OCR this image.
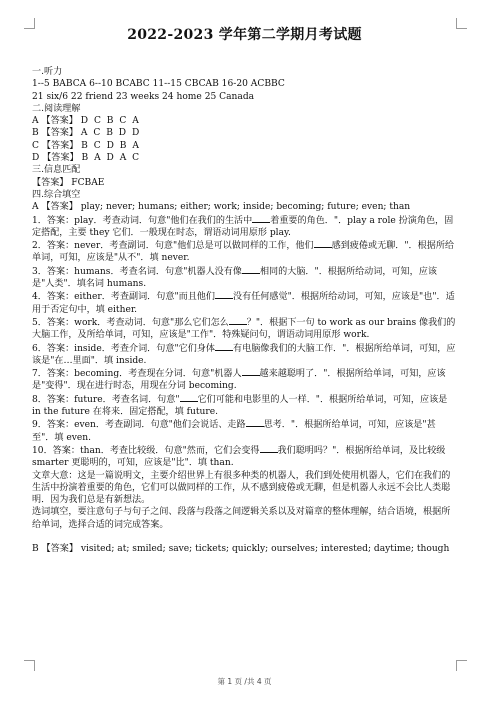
2022-2023 学年第二学期月考试题

一.听力

1--5 BABCA 6--10 BCABC 11--15 CBCAB 16-20 ACBBC

21 six/6 22 friend 23 weeks 24 home 25 Canada

二.阅读理解

A 【答案】 D C B C A

B 【答案】 A C B D D

C 【答案】 B C D B A

D 【答案】 B A D A C

三.信息匹配

【答案】 FCBAE

四.综合填空

A 【答案】 play; never; humans; either; work; inside; becoming; future; even; than

1．答案：play．考查动词．句意"他们在我们的生活中 着重要的角色．"．play a role 扮演角色，固定搭配，主要 they 它们．一般现在时态，谓语动词用原形 play.

2．答案：never．考查副词．句意"他们总是可以做同样的工作，他们 感到疲倦或无聊．"．根据所给单词，可知，应该是"从不"．填 never.

3．答案：humans．考查名词．句意"机器人没有像 相同的大脑．"．根据所给动词，可知，应该是"人类"．填名词 humans.

4．答案：either．考查副词．句意"而且他们 没有任何感觉"．根据所给动词，可知，应该是"也"．适用于否定句中，填 either.

5．答案：work．考查动词．句意"那么它们怎么 ？"．根据下一句 to work as our brains 像我们的大脑工作，及所给单词，可知，应该是"工作"．特殊疑问句，谓语动词用原形 work.

6．答案：inside．考查介词．句意"它们身体 有电脑像我们的大脑工作．"．根据所给单词，可知，应该是"在…里面"．填 inside.

7．答案：becoming．考查现在分词．句意"机器人 越来越聪明了．"．根据所给单词，可知，应该是"变得"．现在进行时态，用现在分词 becoming.

8．答案：future．考查名词．句意" 它们可能和电影里的人一样．"．根据所给单词，可知，应该是 in the future 在将来．固定搭配，填 future.

9．答案：even．考查副词．句意"他们会说话、走路 思考．"．根据所给单词，可知，应该是"甚至"．填 even.

10．答案：than．考查比较级．句意"然而，它们会变得 我们聪明吗？"．根据所给单词，及比较级 smarter 更聪明的，可知，应该是"比"．填 than.

文章大意：这是一篇说明文，主要介绍世界上有很多种类的机器人，我们到处使用机器人，它们在我们的生活中扮演着重要的角色，它们可以做同样的工作，从不感到疲倦或无聊，但是机器人永远不会比人类聪明．因为我们总是有新想法。

选词填空，要注意句子与句子之间、段落与段落之间逻辑关系以及对篇章的整体理解，结合语境，根据所给单词，选择合适的词完成答案。

B 【答案】 visited; at; smiled; save; tickets; quickly; ourselves; interested; daytime; though

第 1 页 /共 4 页
